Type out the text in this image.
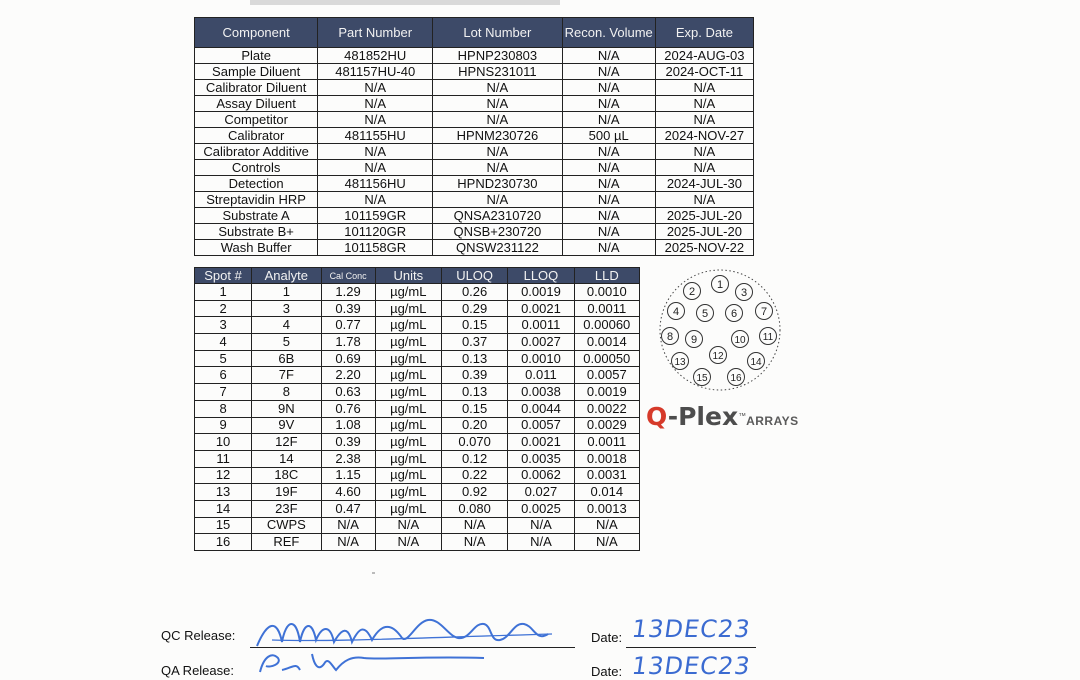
Component	Part Number	Lot Number	Recon. Volume	Exp. Date
Plate	481852HU	HPNP230803	N/A	2024-AUG-03
Sample Diluent	481157HU-40	HPNS231011	N/A	2024-OCT-11
Calibrator Diluent	N/A	N/A	N/A	N/A
Assay Diluent	N/A	N/A	N/A	N/A
Competitor	N/A	N/A	N/A	N/A
Calibrator	481155HU	HPNM230726	500 µL	2024-NOV-27
Calibrator Additive	N/A	N/A	N/A	N/A
Controls	N/A	N/A	N/A	N/A
Detection	481156HU	HPND230730	N/A	2024-JUL-30
Streptavidin HRP	N/A	N/A	N/A	N/A
Substrate A	101159GR	QNSA2310720	N/A	2025-JUL-20
Substrate B+	101120GR	QNSB+230720	N/A	2025-JUL-20
Wash Buffer	101158GR	QNSW231122	N/A	2025-NOV-22
Spot #	Analyte	Cal Conc	Units	ULOQ	LLOQ	LLD
1	1	1.29	µg/mL	0.26	0.0019	0.0010
2	3	0.39	µg/mL	0.29	0.0021	0.0011
3	4	0.77	µg/mL	0.15	0.0011	0.00060
4	5	1.78	µg/mL	0.37	0.0027	0.0014
5	6B	0.69	µg/mL	0.13	0.0010	0.00050
6	7F	2.20	µg/mL	0.39	0.011	0.0057
7	8	0.63	µg/mL	0.13	0.0038	0.0019
8	9N	0.76	µg/mL	0.15	0.0044	0.0022
9	9V	1.08	µg/mL	0.20	0.0057	0.0029
10	12F	0.39	µg/mL	0.070	0.0021	0.0011
11	14	2.38	µg/mL	0.12	0.0035	0.0018
12	18C	1.15	µg/mL	0.22	0.0062	0.0031
13	19F	4.60	µg/mL	0.92	0.027	0.014
14	23F	0.47	µg/mL	0.080	0.0025	0.0013
15	CWPS	N/A	N/A	N/A	N/A	N/A
16	REF	N/A	N/A	N/A	N/A	N/A
1
2	3
4 5 6 7
8 9	10 11
12
13	14
15 16
Q-Plex™ARRAYS
QC Release:	Date: 13DEC23
QA Release:	Date: 13DEC23
